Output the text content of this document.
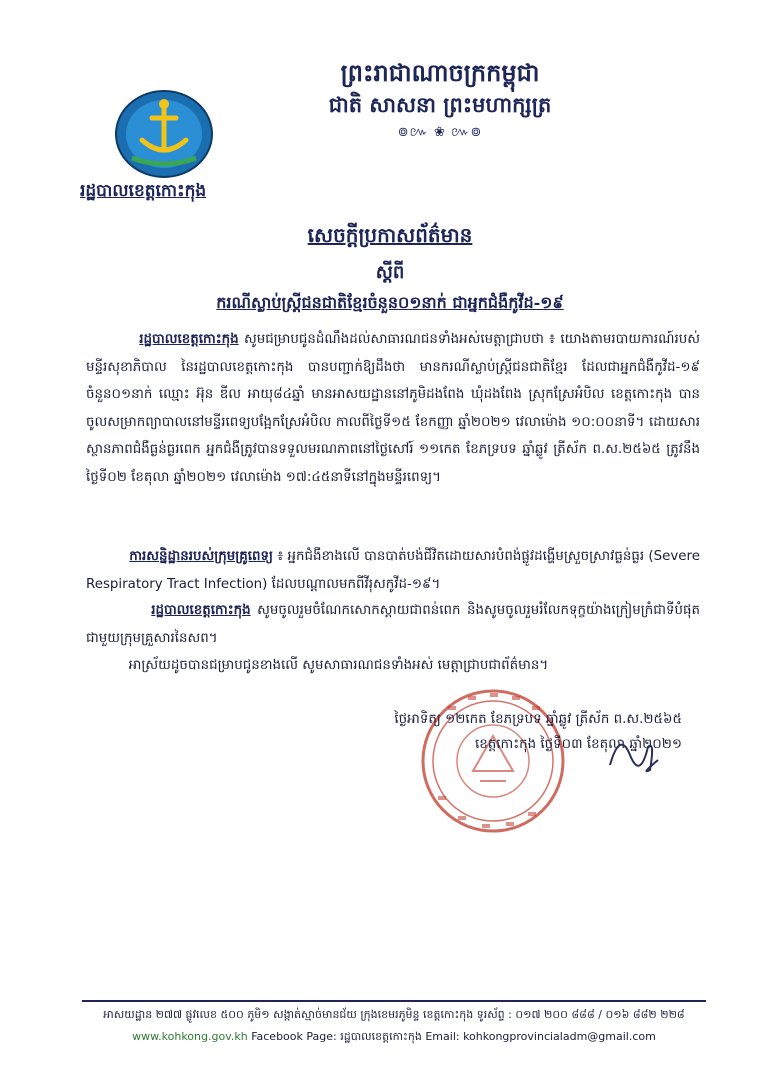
ព្រះរាជាណាចក្រកម្ពុជា
ជាតិ សាសនា ព្រះមហាក្សត្រ
៙៚ ❀ ៚៙
រដ្ឋបាលខេត្តកោះកុង
សេចក្តីប្រកាសព័ត៌មាន
ស្តីពី
ករណីស្លាប់ស្ត្រីជនជាតិខ្មែរចំនួន០១នាក់ ជាអ្នកជំងឺកូវីដ-១៩
រដ្ឋបាលខេត្តកោះកុង សូមជម្រាបជូនដំណឹងដល់សាធារណជនទាំងអស់មេត្តាជ្រាបថា ៖ យោងតាមរបាយការណ៍របស់មន្ទីរសុខាភិបាល នៃរដ្ឋបាលខេត្តកោះកុង បានបញ្ជាក់ឱ្យដឹងថា មានករណីស្លាប់ស្ត្រីជនជាតិខ្មែរ ដែលជាអ្នកជំងឺកូវីដ-១៩ ចំនួន០១នាក់ ឈ្មោះ អ៊ុន ឌីល អាយុ៨៤ឆ្នាំ មានអាសយដ្ឋាននៅភូមិដងពែង ឃុំដងពែង ស្រុកស្រែអំបិល ខេត្តកោះកុង បានចូលសម្រាកព្យាបាលនៅមន្ទីរពេទ្យបង្អែកស្រែអំបិល កាលពីថ្ងៃទី១៥ ខែកញ្ញា ឆ្នាំ២០២១ វេលាម៉ោង ១០:០០នាទី។ ដោយសារស្ថានភាពជំងឺធ្ងន់ធ្ងរពេក អ្នកជំងឺត្រូវបានទទួលមរណភាពនៅថ្ងៃសៅរ៍ ១១កេត ខែភទ្របទ ឆ្នាំឆ្លូវ ត្រីស័ក ព.ស.២៥៦៥ ត្រូវនឹងថ្ងៃទី០២ ខែតុលា ឆ្នាំ២០២១ វេលាម៉ោង ១៧:៤៥នាទីនៅក្នុងមន្ទីរពេទ្យ។
ការសន្និដ្ឋានរបស់ក្រុមគ្រូពេទ្យ ៖ អ្នកជំងឺខាងលើ បានបាត់បង់ជីវិតដោយសារបំពង់ផ្លូវដង្ហើមស្រួចស្រាវធ្ងន់ធ្ងរ (Severe Respiratory Tract Infection) ដែលបណ្តាលមកពីវីរុសកូវីដ-១៩។
រដ្ឋបាលខេត្តកោះកុង សូមចូលរួមចំណែកសោកស្តាយជាពន់ពេក និងសូមចូលរួមរំលែកទុក្ខយ៉ាងក្រៀមក្រំជាទីបំផុតជាមួយក្រុមគ្រួសារនៃសព។
អាស្រ័យដូចបានជម្រាបជូនខាងលើ សូមសាធារណជនទាំងអស់ មេត្តាជ្រាបជាព័ត៌មាន។
ថ្ងៃអាទិត្យ ១២កេត ខែភទ្របទ ឆ្នាំឆ្លូវ ត្រីស័ក ព.ស.២៥៦៥
ខេត្តកោះកុង ថ្ងៃទី០៣ ខែតុលា ឆ្នាំ២០២១
អាសយដ្ឋាន ២៧៧ ផ្លូវលេខ ៥០០ ភូមិ១ សង្កាត់ស្មាច់មានជ័យ ក្រុងខេមរភូមិន្ទ ខេត្តកោះកុង ទូរស័ព្ទ : ០១៧ ២០០ ៨៨៨ / ០១៦ ៨៨២ ២២៨
www.kohkong.gov.kh Facebook Page: រដ្ឋបាលខេត្តកោះកុង Email: kohkongprovincialadm@gmail.com
